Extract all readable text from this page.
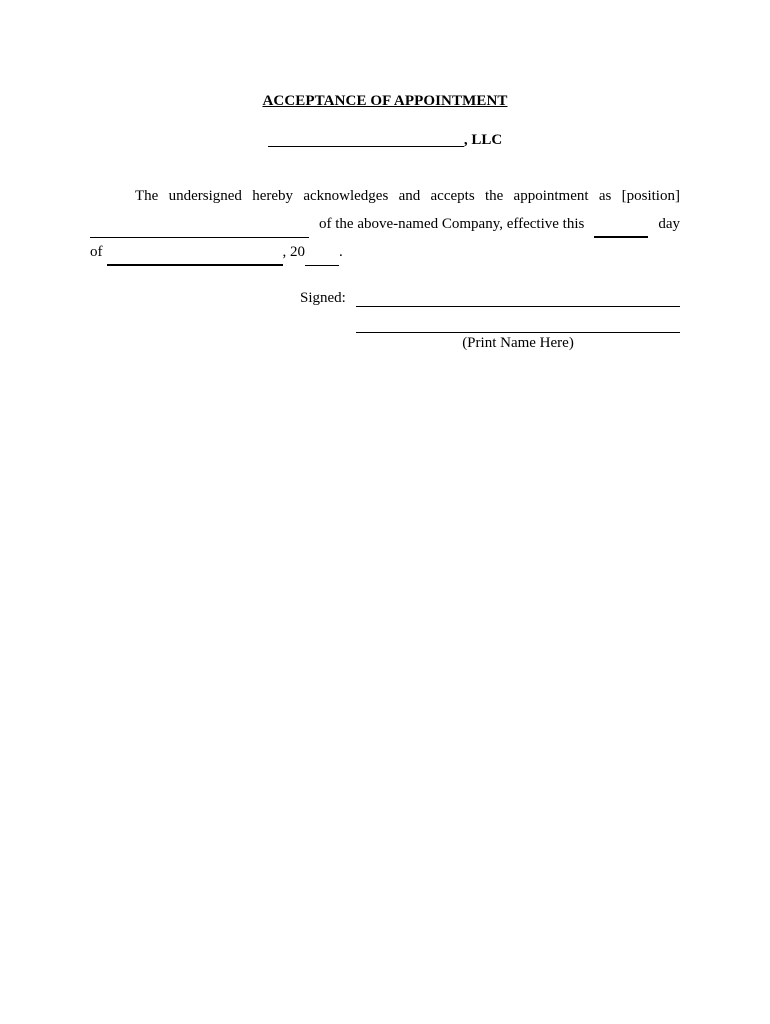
ACCEPTANCE OF APPOINTMENT
, LLC
The undersigned hereby acknowledges and accepts the appointment as [position]
of the above-named Company, effective this	day
of	, 20 .
Signed:
(Print Name Here)
